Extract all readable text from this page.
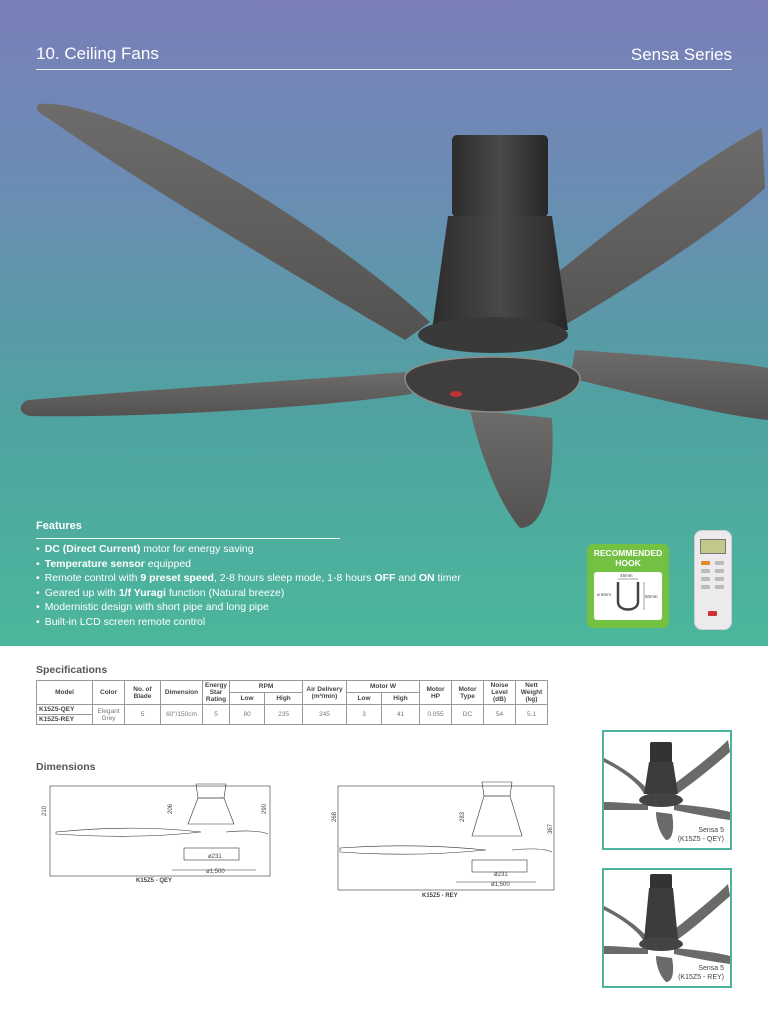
10. Ceiling Fans	Sensa Series
Features
• DC (Direct Current) motor for energy saving
• Temperature sensor equipped
• Remote control with 9 preset speed, 2-8 hours sleep mode, 1-8 hours OFF and ON timer
• Geared up with 1/f Yuragi function (Natural breeze)
• Modernistic design with short pipe and long pipe
• Built-in LCD screen remote control
RECOMMENDED
HOOK
45mm
ø 8mm	50mm
Specifications
Model	Color	No. of Blade	Dimension	Energy Star Rating	RPM		Air Delivery (m³/min)	Motor W		Motor HP	Motor Type	Noise Level (dB)	Nett Weight (kg)
					Low	High		Low	High				
K15Z5-QEY	Elegant Grey	5	60"/150cm	5	80	235	245	3	41	0.055	DC	54	5.1
K15Z5-REY													
Dimensions
210	206	290
ø231
ø1,500
K15Z5 - QEY
268	283
367
ø231
ø1,500
K15Z5 - REY
Sensa 5
(K15Z5 - QEY)
Sensa 5
(K15Z5 - REY)
